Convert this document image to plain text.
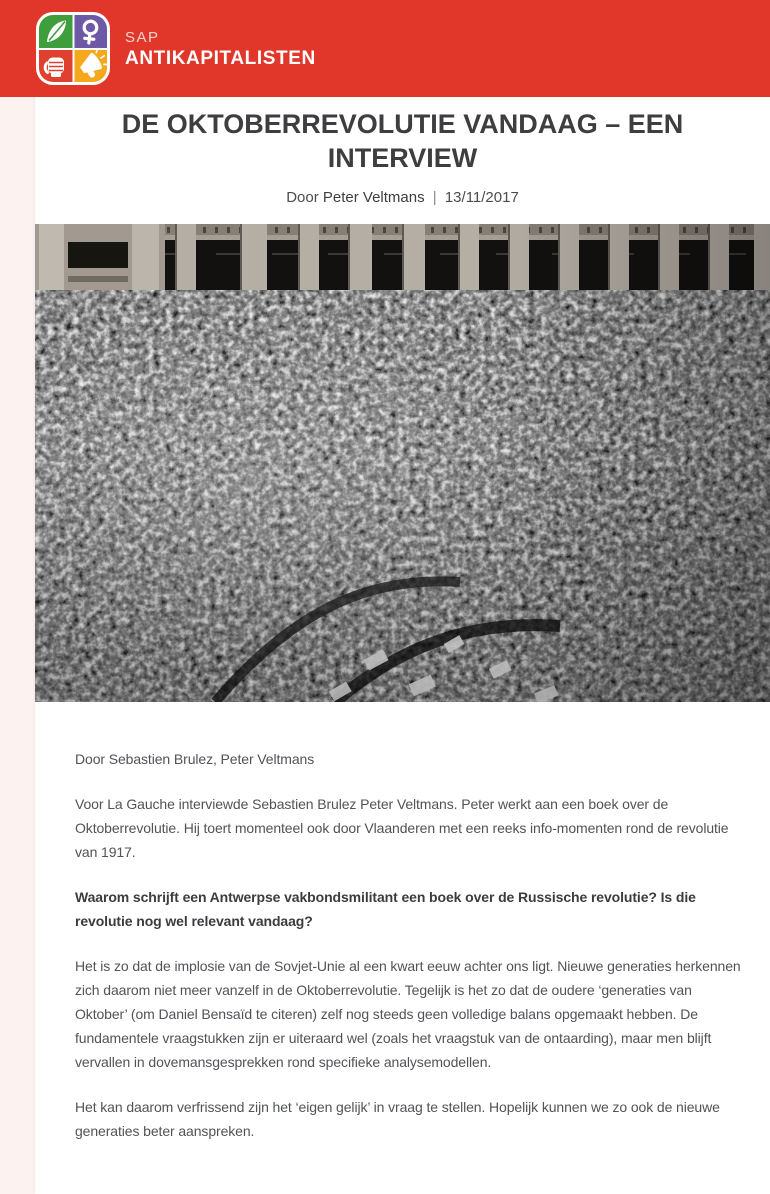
SAP
ANTIKAPITALISTEN
DE OKTOBERREVOLUTIE VANDAAG – EEN INTERVIEW
Door Peter Veltmans | 13/11/2017

Door Sebastien Brulez, Peter Veltmans

Voor La Gauche interviewde Sebastien Brulez Peter Veltmans. Peter werkt aan een boek over de Oktoberrevolutie. Hij toert momenteel ook door Vlaanderen met een reeks info-momenten rond de revolutie van 1917.

Waarom schrijft een Antwerpse vakbondsmilitant een boek over de Russische revolutie? Is die revolutie nog wel relevant vandaag?

Het is zo dat de implosie van de Sovjet-Unie al een kwart eeuw achter ons ligt. Nieuwe generaties herkennen zich daarom niet meer vanzelf in de Oktoberrevolutie. Tegelijk is het zo dat de oudere ‘generaties van Oktober’ (om Daniel Bensaïd te citeren) zelf nog steeds geen volledige balans opgemaakt hebben. De fundamentele vraagstukken zijn er uiteraard wel (zoals het vraagstuk van de ontaarding), maar men blijft vervallen in dovemansgesprekken rond specifieke analysemodellen.

Het kan daarom verfrissend zijn het ‘eigen gelijk’ in vraag te stellen. Hopelijk kunnen we zo ook de nieuwe generaties beter aanspreken.
